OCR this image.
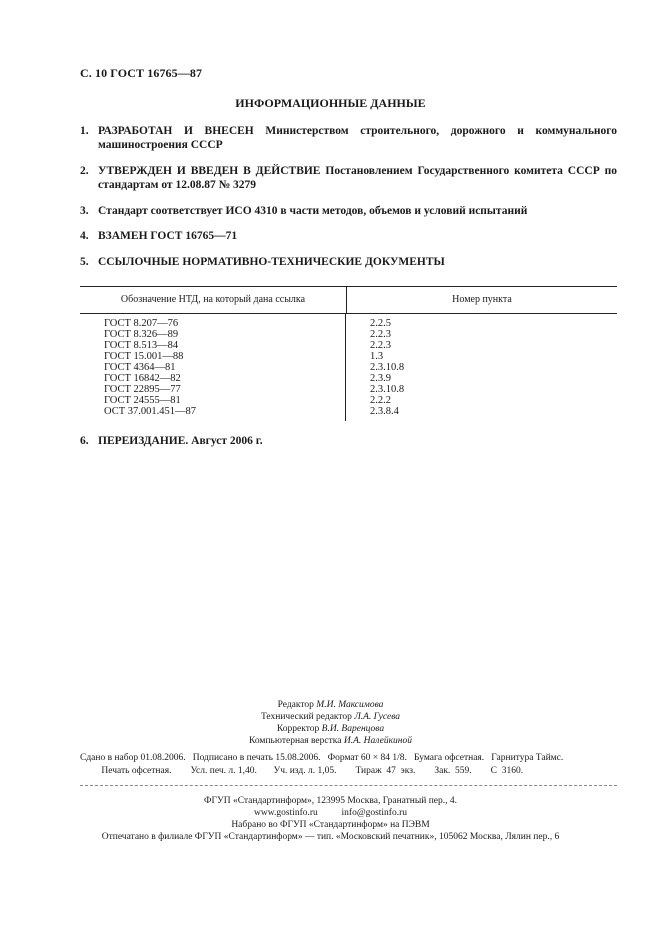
С. 10 ГОСТ 16765—87
ИНФОРМАЦИОННЫЕ ДАННЫЕ
1. РАЗРАБОТАН И ВНЕСЕН Министерством строительного, дорожного и коммунального машиностроения СССР
2. УТВЕРЖДЕН И ВВЕДЕН В ДЕЙСТВИЕ Постановлением Государственного комитета СССР по стандартам от 12.08.87 № 3279
3. Стандарт соответствует ИСО 4310 в части методов, объемов и условий испытаний
4. ВЗАМЕН ГОСТ 16765—71
5. ССЫЛОЧНЫЕ НОРМАТИВНО-ТЕХНИЧЕСКИЕ ДОКУМЕНТЫ
Обозначение НТД, на который дана ссылка	Номер пункта
ГОСТ 8.207—76
ГОСТ 8.326—89
ГОСТ 8.513—84
ГОСТ 15.001—88
ГОСТ 4364—81
ГОСТ 16842—82
ГОСТ 22895—77
ГОСТ 24555—81
ОСТ 37.001.451—87
2.2.5
2.2.3
2.2.3
1.3
2.3.10.8
2.3.9
2.3.10.8
2.2.2
2.3.8.4
6. ПЕРЕИЗДАНИЕ. Август 2006 г.
Редактор М.И. Максимова
Технический редактор Л.А. Гусева
Корректор В.И. Варенцова
Компьютерная верстка И.А. Налейкиной
Сдано в набор 01.08.2006.   Подписано в печать 15.08.2006.   Формат 60 × 84 1/8.   Бумага офсетная.   Гарнитура Таймс.
Печать офсетная.        Усл. печ. л. 1,40.       Уч. изд. л. 1,05.        Тираж  47  экз.        Зак.  559.        С  3160.
ФГУП «Стандартинформ», 123995 Москва, Гранатный пер., 4.
www.gostinfo.ru          info@gostinfo.ru
Набрано во ФГУП «Стандартинформ» на ПЭВМ
Отпечатано в филиале ФГУП «Стандартинформ» — тип. «Московский печатник», 105062 Москва, Лялин пер., 6
